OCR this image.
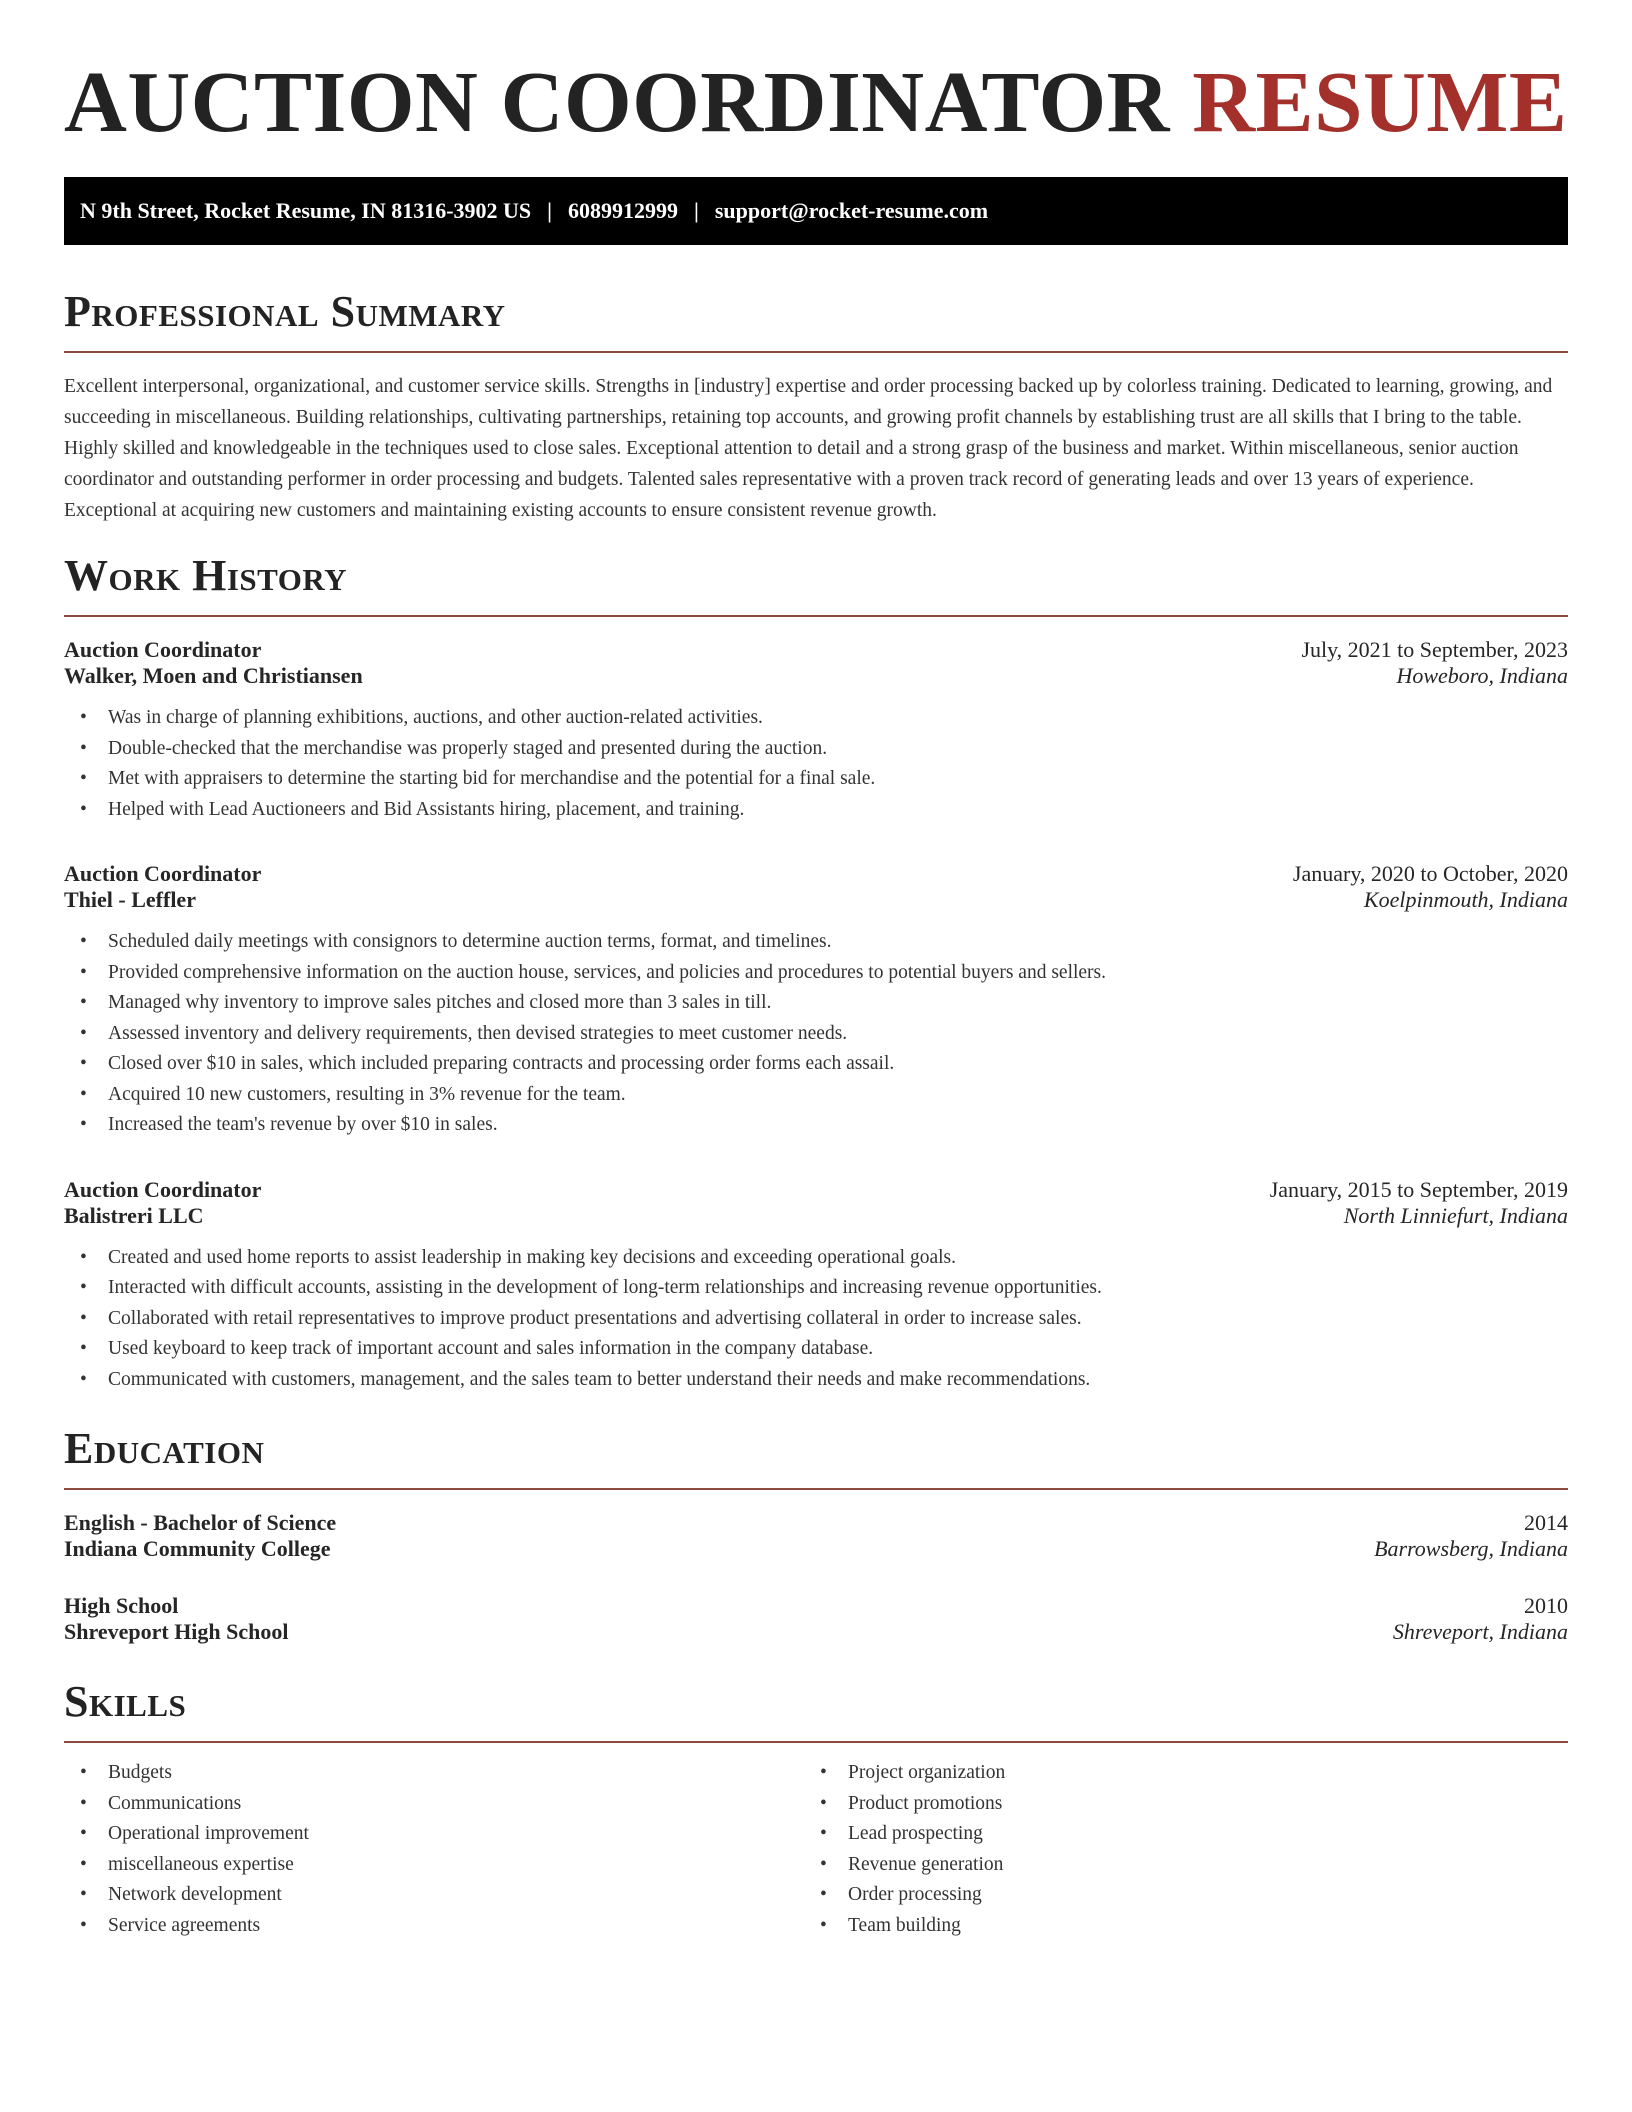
AUCTION COORDINATOR RESUME
N 9th Street, Rocket Resume, IN 81316-3902 US | 6089912999 | support@rocket-resume.com
Professional Summary

Excellent interpersonal, organizational, and customer service skills. Strengths in [industry] expertise and order processing backed up by colorless training. Dedicated to learning, growing, and succeeding in miscellaneous. Building relationships, cultivating partnerships, retaining top accounts, and growing profit channels by establishing trust are all skills that I bring to the table. Highly skilled and knowledgeable in the techniques used to close sales. Exceptional attention to detail and a strong grasp of the business and market. Within miscellaneous, senior auction coordinator and outstanding performer in order processing and budgets. Talented sales representative with a proven track record of generating leads and over 13 years of experience. Exceptional at acquiring new customers and maintaining existing accounts to ensure consistent revenue growth.

Work History
Auction Coordinator	July, 2021 to September, 2023
Walker, Moen and Christiansen	Howeboro, Indiana
• Was in charge of planning exhibitions, auctions, and other auction-related activities.
• Double-checked that the merchandise was properly staged and presented during the auction.
• Met with appraisers to determine the starting bid for merchandise and the potential for a final sale.
• Helped with Lead Auctioneers and Bid Assistants hiring, placement, and training.
Auction Coordinator	January, 2020 to October, 2020
Thiel - Leffler	Koelpinmouth, Indiana
• Scheduled daily meetings with consignors to determine auction terms, format, and timelines.
• Provided comprehensive information on the auction house, services, and policies and procedures to potential buyers and sellers.
• Managed why inventory to improve sales pitches and closed more than 3 sales in till.
• Assessed inventory and delivery requirements, then devised strategies to meet customer needs.
• Closed over $10 in sales, which included preparing contracts and processing order forms each assail.
• Acquired 10 new customers, resulting in 3% revenue for the team.
• Increased the team's revenue by over $10 in sales.
Auction Coordinator	January, 2015 to September, 2019
Balistreri LLC	North Linniefurt, Indiana
• Created and used home reports to assist leadership in making key decisions and exceeding operational goals.
• Interacted with difficult accounts, assisting in the development of long-term relationships and increasing revenue opportunities.
• Collaborated with retail representatives to improve product presentations and advertising collateral in order to increase sales.
• Used keyboard to keep track of important account and sales information in the company database.
• Communicated with customers, management, and the sales team to better understand their needs and make recommendations.
Education
English - Bachelor of Science	2014
Indiana Community College	Barrowsberg, Indiana
High School	2010
Shreveport High School	Shreveport, Indiana
Skills
• Budgets
• Communications
• Operational improvement
• miscellaneous expertise
• Network development
• Service agreements
• Project organization
• Product promotions
• Lead prospecting
• Revenue generation
• Order processing
• Team building
